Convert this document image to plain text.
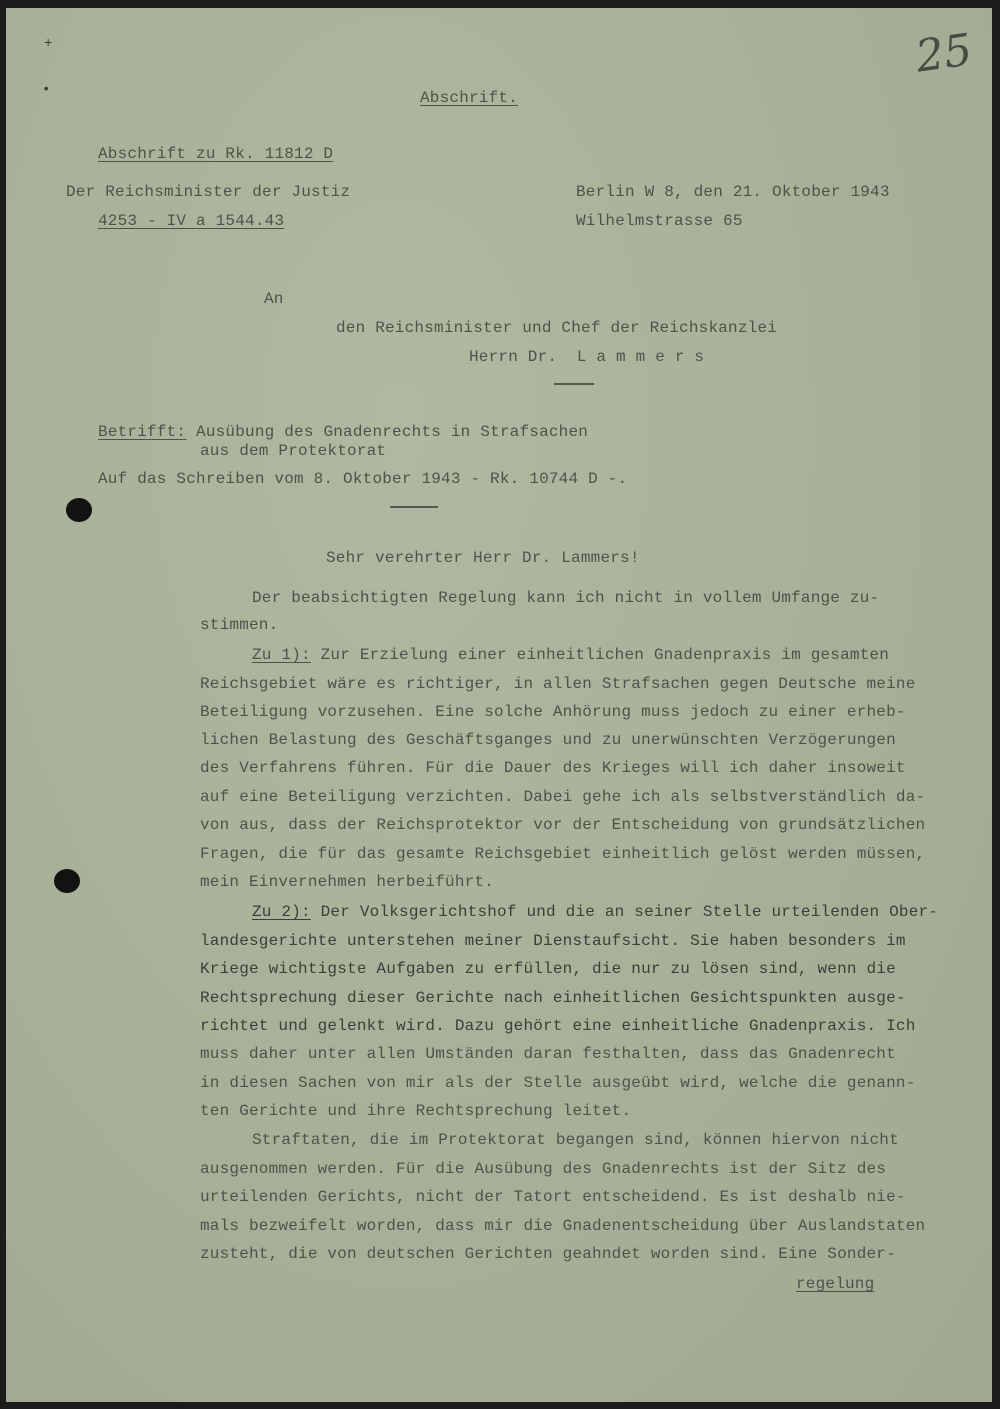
25
+
•	Abschrift.
Abschrift zu Rk. 11812 D
Der Reichsminister der Justiz
4253 - IV a 1544.43
Berlin W 8, den 21. Oktober 1943
Wilhelmstrasse 65
An
den Reichsminister und Chef der Reichskanzlei
Herrn Dr.  L a m m e r s
Betrifft: Ausübung des Gnadenrechts in Strafsachen
aus dem Protektorat
Auf das Schreiben vom 8. Oktober 1943 - Rk. 10744 D -.
Sehr verehrter Herr Dr. Lammers!
Der beabsichtigten Regelung kann ich nicht in vollem Umfange zu-
stimmen.
Zu 1): Zur Erzielung einer einheitlichen Gnadenpraxis im gesamten
Reichsgebiet wäre es richtiger, in allen Strafsachen gegen Deutsche meine
Beteiligung vorzusehen. Eine solche Anhörung muss jedoch zu einer erheb-
lichen Belastung des Geschäftsganges und zu unerwünschten Verzögerungen
des Verfahrens führen. Für die Dauer des Krieges will ich daher insoweit
auf eine Beteiligung verzichten. Dabei gehe ich als selbstverständlich da-
von aus, dass der Reichsprotektor vor der Entscheidung von grundsätzlichen
Fragen, die für das gesamte Reichsgebiet einheitlich gelöst werden müssen,
mein Einvernehmen herbeiführt.
Zu 2): Der Volksgerichtshof und die an seiner Stelle urteilenden Ober-
landesgerichte unterstehen meiner Dienstaufsicht. Sie haben besonders im
Kriege wichtigste Aufgaben zu erfüllen, die nur zu lösen sind, wenn die
Rechtsprechung dieser Gerichte nach einheitlichen Gesichtspunkten ausge-
richtet und gelenkt wird. Dazu gehört eine einheitliche Gnadenpraxis. Ich
muss daher unter allen Umständen daran festhalten, dass das Gnadenrecht
in diesen Sachen von mir als der Stelle ausgeübt wird, welche die genann-
ten Gerichte und ihre Rechtsprechung leitet.
Straftaten, die im Protektorat begangen sind, können hiervon nicht
ausgenommen werden. Für die Ausübung des Gnadenrechts ist der Sitz des
urteilenden Gerichts, nicht der Tatort entscheidend. Es ist deshalb nie-
mals bezweifelt worden, dass mir die Gnadenentscheidung über Auslandstaten
zusteht, die von deutschen Gerichten geahndet worden sind. Eine Sonder-
regelung
